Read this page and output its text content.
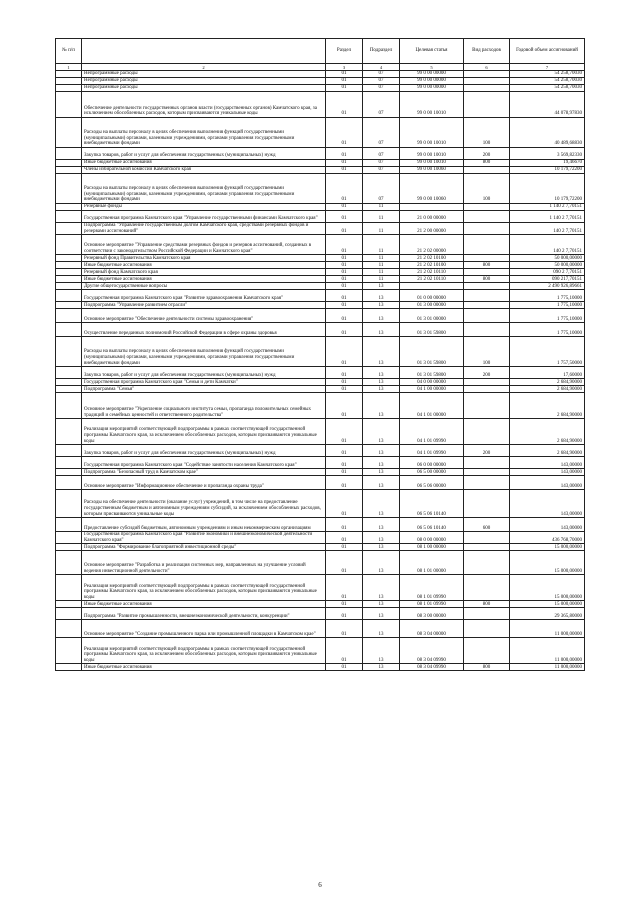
№ п/п		Раздел	Подраздел	Целевая статья	Вид расходов	Годовой объем ассигнований
1	2	3	4	5	6	7
	Непрограммные расходы	01	07	99 0 00 00000		54 258,70030
	Непрограммные расходы	01	07	99 0 00 00000		54 258,70030
	Непрограммные расходы	01	07	99 0 00 00000		54 258,70030
	Обеспечение деятельности государственных органов власти (государственных органов) Камчатского края, за исключением обособленных расходов, которым присваиваются уникальные коды	01	07	99 0 00 10010		44 078,97830
	Расходы на выплаты персоналу в целях обеспечения выполнения функций государственными (муниципальными) органами, казенными учреждениями, органами управления государственными внебюджетными фондами	01	07	99 0 00 10010	100	40 489,68830
	Закупка товаров, работ и услуг для обеспечения государственных (муниципальных) нужд	01	07	99 0 00 10010	200	3 569,82330
	Иные бюджетные ассигнования	01	07	99 0 00 10010	800	19,46670
	Члены избирательной комиссии Камчатского края	01	07	99 0 00 10060		10 179,72200
	Расходы на выплаты персоналу в целях обеспечения выполнения функций государственными (муниципальными) органами, казенными учреждениями, органами управления государственными внебюджетными фондами	01	07	99 0 00 10060	100	10 179,72200
	Резервные фонды	01	11			1 140 2 7,70151
	Государственная программа Камчатского края "Управление государственными финансами Камчатского края"	01	11	21 0 00 00000		1 140 2 7,70151
	Подпрограмма "Управление государственным долгом Камчатского края, средствами резервных фондов и резервами ассигнований"	01	11	21 2 00 00000		140 2 7,70151
	Основное мероприятие "Управление средствами резервных фондов и резервов ассигнований, созданных в соответствии с законодательством Российской Федерации и Камчатского края"	01	11	21 2 02 00000		140 2 7,70151
	Резервный фонд Правительства Камчатского края	01	11	21 2 02 10100		50 000,00000
	Иные бюджетные ассигнования	01	11	21 2 02 10100	800	50 000,00000
	Резервный фонд Камчатского края	01	11	21 2 02 10110		090 2 7,70151
	Иные бюджетные ассигнования	01	11	21 2 02 10110	800	090 217,70151
	Другие общегосударственные вопросы	01	13			2 490 926,89661
	Государственная программа Камчатского края "Развитие здравоохранения Камчатского края"	01	13	01 0 00 00000		1 775,10000
	Подпрограмма "Управление развитием отрасли"	01	13	01 3 00 00000		1 775,10000
	Основное мероприятие "Обеспечение деятельности системы здравоохранения"	01	13	01 3 01 00000		1 775,10000
	Осуществление переданных полномочий Российской Федерации в сфере охраны здоровья	01	13	01 3 01 59800		1 775,10000
	Расходы на выплаты персоналу в целях обеспечения выполнения функций государственными (муниципальными) органами, казенными учреждениями, органами управления государственными внебюджетными фондами	01	13	01 3 01 59800	100	1 757,50000
	Закупка товаров, работ и услуг для обеспечения государственных (муниципальных) нужд	01	13	01 3 01 59800	200	17,60000
	Государственная программа Камчатского края "Семья и дети Камчатки"	01	13	04 0 00 00000		2 684,90000
	Подпрограмма "Семья"	01	13	04 1 00 00000		2 684,90000
	Основное мероприятие "Укрепление социального института семьи, пропаганда положительных семейных традиций и семейных ценностей и ответственного родительства"	01	13	04 1 01 00000		2 684,90000
	Реализация мероприятий соответствующей подпрограммы в рамках соответствующей государственной программы Камчатского края, за исключением обособленных расходов, которым присваиваются уникальные коды	01	13	04 1 01 09990		2 684,90000
	Закупка товаров, работ и услуг для обеспечения государственных (муниципальных) нужд	01	13	04 1 01 09990	200	2 684,90000
	Государственная программа Камчатского края "Содействие занятости населения Камчатского края"	01	13	06 0 00 00000		143,00000
	Подпрограмма "Безопасный труд в Камчатском крае"	01	13	06 5 00 00000		143,00000
	Основное мероприятие "Информационное обеспечение и пропаганда охраны труда"	01	13	06 5 06 00000		143,00000
	Расходы на обеспечение деятельности (оказание услуг) учреждений, в том числе на предоставление государственным бюджетным и автономным учреждениям субсидий, за исключением обособленных расходов, которым присваиваются уникальные коды	01	13	06 5 06 10140		143,00000
	Предоставление субсидий бюджетным, автономным учреждениям и иным некоммерческим организациям	01	13	06 5 06 10140	600	143,00000
	Государственная программа Камчатского края "Развитие экономики и внешнеэкономической деятельности Камчатского края"	01	13	08 0 00 00000		436 768,70000
	Подпрограмма "Формирование благоприятной инвестиционной среды"	01	13	08 1 00 00000		15 000,00000
	Основное мероприятие "Разработка и реализация системных мер, направленных на улучшение условий ведения инвестиционной деятельности"	01	13	08 1 01 00000		15 000,00000
	Реализация мероприятий соответствующей подпрограммы в рамках соответствующей государственной программы Камчатского края, за исключением обособленных расходов, которым присваиваются уникальные коды	01	13	08 1 01 09990		15 000,00000
	Иные бюджетные ассигнования	01	13	08 1 01 09990	800	15 000,00000
	Подпрограмма "Развитие промышленности, внешнеэкономической деятельности, конкуренции"	01	13	08 3 00 00000		29 365,80000
	Основное мероприятие "Создание промышленного парка или промышленной площадки в Камчатском крае"	01	13	08 3 04 00000		11 000,00000
	Реализация мероприятий соответствующей подпрограммы в рамках соответствующей государственной программы Камчатского края, за исключением обособленных расходов, которым присваиваются уникальные коды	01	13	08 3 04 09990		11 000,00000
	Иные бюджетные ассигнования	01	13	08 3 04 09990	800	11 000,00000
6
